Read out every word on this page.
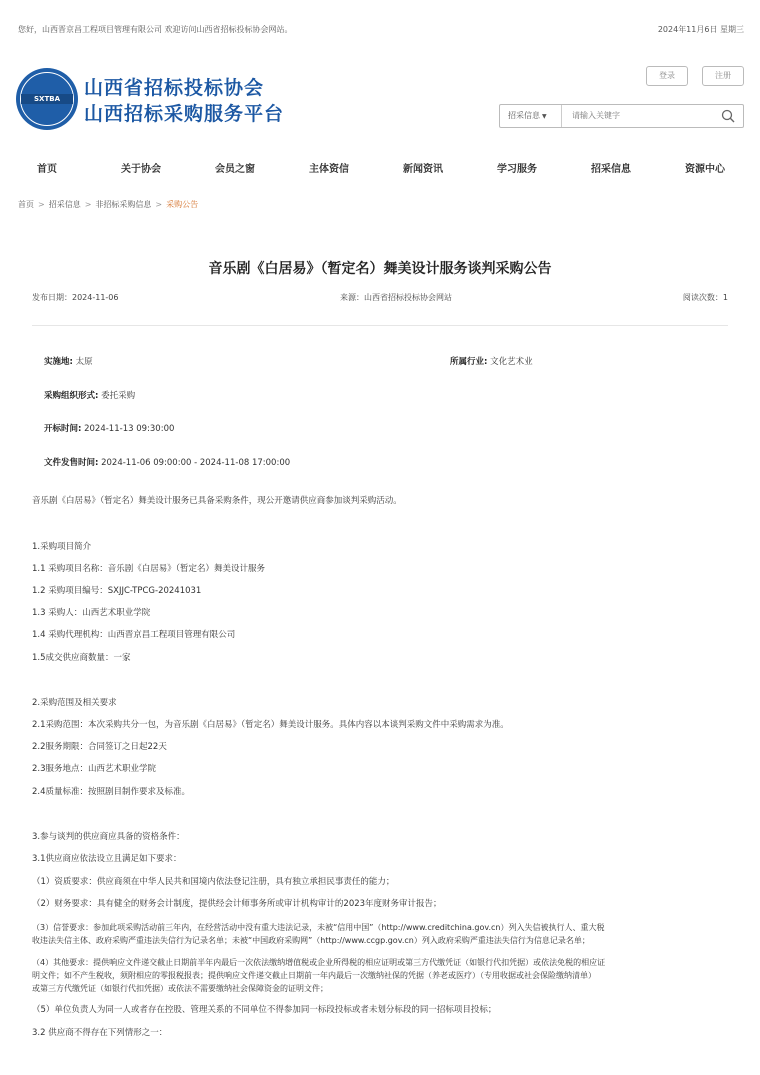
您好，山西晋京昌工程项目管理有限公司 欢迎访问山西省招标投标协会网站。	2024年11月6日 星期三
SXTBA	山西省招标投标协会
山西招标采购服务平台
登录	注册
招采信息 ▼
请输入关键字
首页	关于协会	会员之窗	主体资信	新闻资讯	学习服务	招采信息	资源中心
首页 > 招采信息 > 非招标采购信息 > 采购公告
音乐剧《白居易》（暂定名）舞美设计服务谈判采购公告
发布日期：2024-11-06	来源：山西省招标投标协会网站	阅读次数：1
实施地: 太原	所属行业: 文化艺术业
采购组织形式: 委托采购
开标时间: 2024-11-13 09:30:00
文件发售时间: 2024-11-06 09:00:00 - 2024-11-08 17:00:00
音乐剧《白居易》（暂定名）舞美设计服务已具备采购条件，现公开邀请供应商参加谈判采购活动。
1.采购项目简介
1.1 采购项目名称：音乐剧《白居易》（暂定名）舞美设计服务
1.2 采购项目编号：SXJJC-TPCG-20241031
1.3 采购人：山西艺术职业学院
1.4 采购代理机构：山西晋京昌工程项目管理有限公司
1.5成交供应商数量：一家
2.采购范围及相关要求
2.1采购范围：本次采购共分一包，为音乐剧《白居易》（暂定名）舞美设计服务。具体内容以本谈判采购文件中采购需求为准。
2.2服务期限：合同签订之日起22天
2.3服务地点：山西艺术职业学院
2.4质量标准：按照剧目制作要求及标准。
3.参与谈判的供应商应具备的资格条件：
3.1供应商应依法设立且满足如下要求：
（1）资质要求：供应商须在中华人民共和国境内依法登记注册，具有独立承担民事责任的能力；
（2）财务要求：具有健全的财务会计制度，提供经会计师事务所或审计机构审计的2023年度财务审计报告；
（3）信誉要求：参加此项采购活动前三年内，在经营活动中没有重大违法记录，未被“信用中国”（http://www.creditchina.gov.cn）列入失信被执行人、重大税
收违法失信主体、政府采购严重违法失信行为记录名单；未被“中国政府采购网”（http://www.ccgp.gov.cn）列入政府采购严重违法失信行为信息记录名单；
（4）其他要求：提供响应文件递交截止日期前半年内最后一次依法缴纳增值税或企业所得税的相应证明或第三方代缴凭证（如银行代扣凭据）或依法免税的相应证
明文件；如不产生税收，须附相应的零报税报表；提供响应文件递交截止日期前一年内最后一次缴纳社保的凭据（养老或医疗）（专用收据或社会保险缴纳清单）
或第三方代缴凭证（如银行代扣凭据）或依法不需要缴纳社会保障资金的证明文件；
（5）单位负责人为同一人或者存在控股、管理关系的不同单位不得参加同一标段投标或者未划分标段的同一招标项目投标；
3.2 供应商不得存在下列情形之一：
